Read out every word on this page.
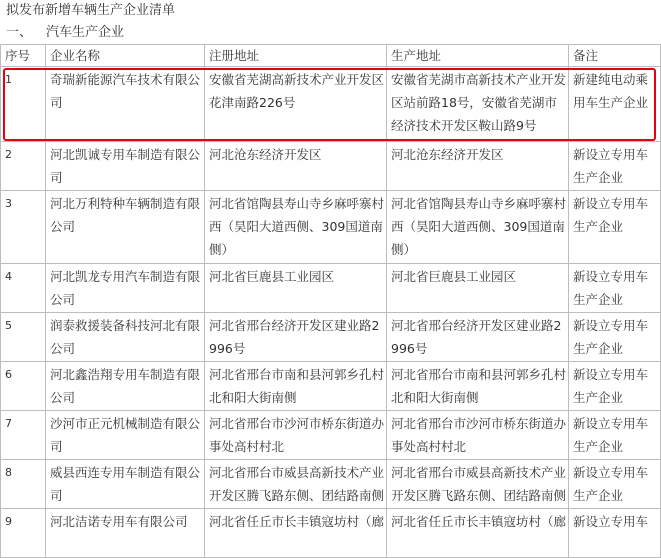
拟发布新增车辆生产企业清单
一、 汽车生产企业
序号	企业名称	注册地址	生产地址	备注
1	奇瑞新能源汽车技术有限公司	安徽省芜湖高新技术产业开发区花津南路226号	安徽省芜湖市高新技术产业开发区站前路18号，安徽省芜湖市经济技术开发区鞍山路9号	新建纯电动乘用车生产企业
2	河北凯诚专用车制造有限公司	河北沧东经济开发区	河北沧东经济开发区	新设立专用车生产企业
3	河北万利特种车辆制造有限公司	河北省馆陶县寿山寺乡麻呼寨村西（昊阳大道西侧、309国道南侧）	河北省馆陶县寿山寺乡麻呼寨村西（昊阳大道西侧、309国道南侧）	新设立专用车生产企业
4	河北凯龙专用汽车制造有限公司	河北省巨鹿县工业园区	河北省巨鹿县工业园区	新设立专用车生产企业
5	润泰救援装备科技河北有限公司	河北省邢台经济开发区建业路2996号	河北省邢台经济开发区建业路2996号	新设立专用车生产企业
6	河北鑫浩翔专用车制造有限公司	河北省邢台市南和县河郭乡孔村北和阳大街南侧	河北省邢台市南和县河郭乡孔村北和阳大街南侧	新设立专用车生产企业
7	沙河市正元机械制造有限公司	河北省邢台市沙河市桥东街道办事处高村村北	河北省邢台市沙河市桥东街道办事处高村村北	新设立专用车生产企业
8	威县西连专用车制造有限公司	河北省邢台市威县高新技术产业开发区腾飞路东侧、团结路南侧	河北省邢台市威县高新技术产业开发区腾飞路东侧、团结路南侧	新设立专用车生产企业
9	河北洁诺专用车有限公司	河北省任丘市长丰镇寇坊村（廊	河北省任丘市长丰镇寇坊村（廊	新设立专用车
